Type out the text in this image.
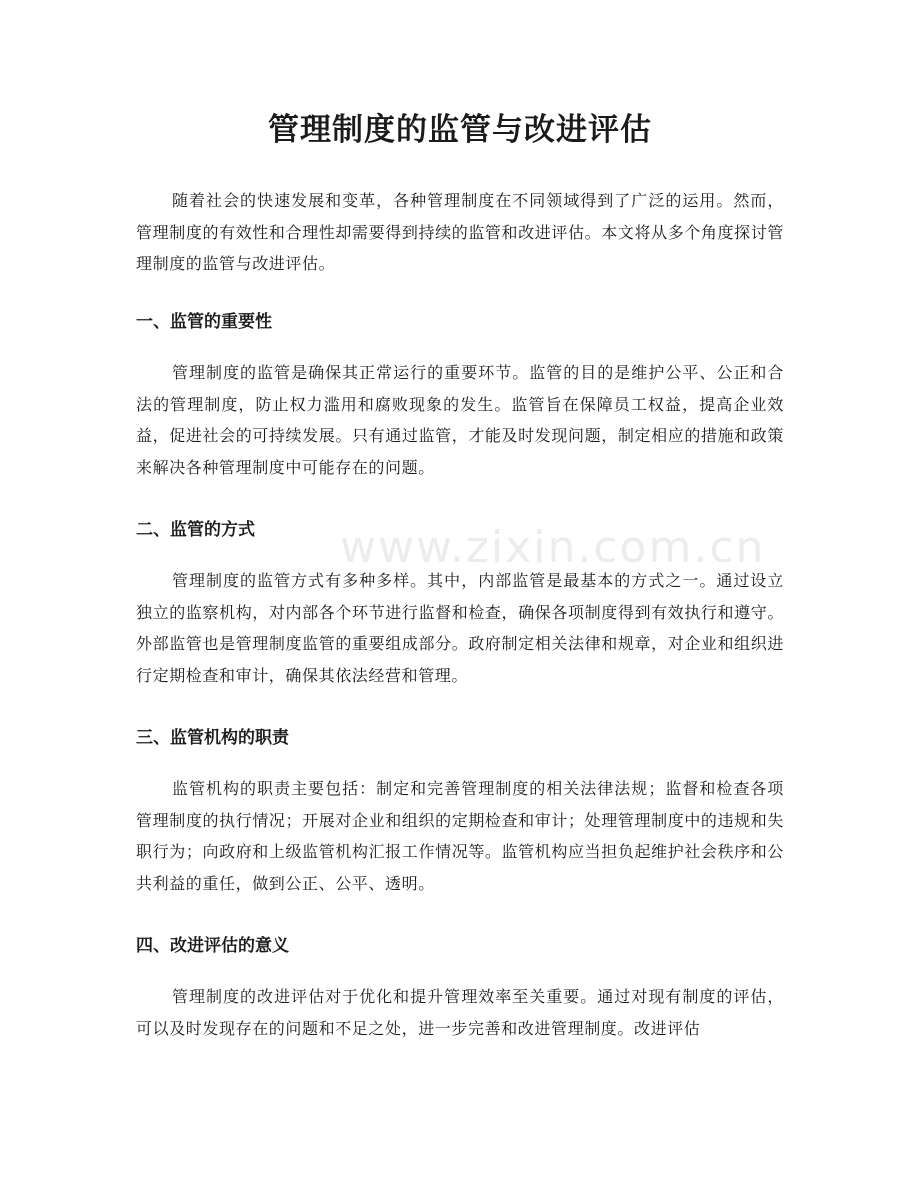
www.zixin.com.cn
管理制度的监管与改进评估

随着社会的快速发展和变革，各种管理制度在不同领域得到了广泛的运用。然而，管理制度的有效性和合理性却需要得到持续的监管和改进评估。本文将从多个角度探讨管理制度的监管与改进评估。

一、监管的重要性

管理制度的监管是确保其正常运行的重要环节。监管的目的是维护公平、公正和合法的管理制度，防止权力滥用和腐败现象的发生。监管旨在保障员工权益，提高企业效益，促进社会的可持续发展。只有通过监管，才能及时发现问题，制定相应的措施和政策来解决各种管理制度中可能存在的问题。

二、监管的方式

管理制度的监管方式有多种多样。其中，内部监管是最基本的方式之一。通过设立独立的监察机构，对内部各个环节进行监督和检查，确保各项制度得到有效执行和遵守。外部监管也是管理制度监管的重要组成部分。政府制定相关法律和规章，对企业和组织进行定期检查和审计，确保其依法经营和管理。

三、监管机构的职责

监管机构的职责主要包括：制定和完善管理制度的相关法律法规；监督和检查各项管理制度的执行情况；开展对企业和组织的定期检查和审计；处理管理制度中的违规和失职行为；向政府和上级监管机构汇报工作情况等。监管机构应当担负起维护社会秩序和公共利益的重任，做到公正、公平、透明。

四、改进评估的意义

管理制度的改进评估对于优化和提升管理效率至关重要。通过对现有制度的评估，可以及时发现存在的问题和不足之处，进一步完善和改进管理制度。改进评估
